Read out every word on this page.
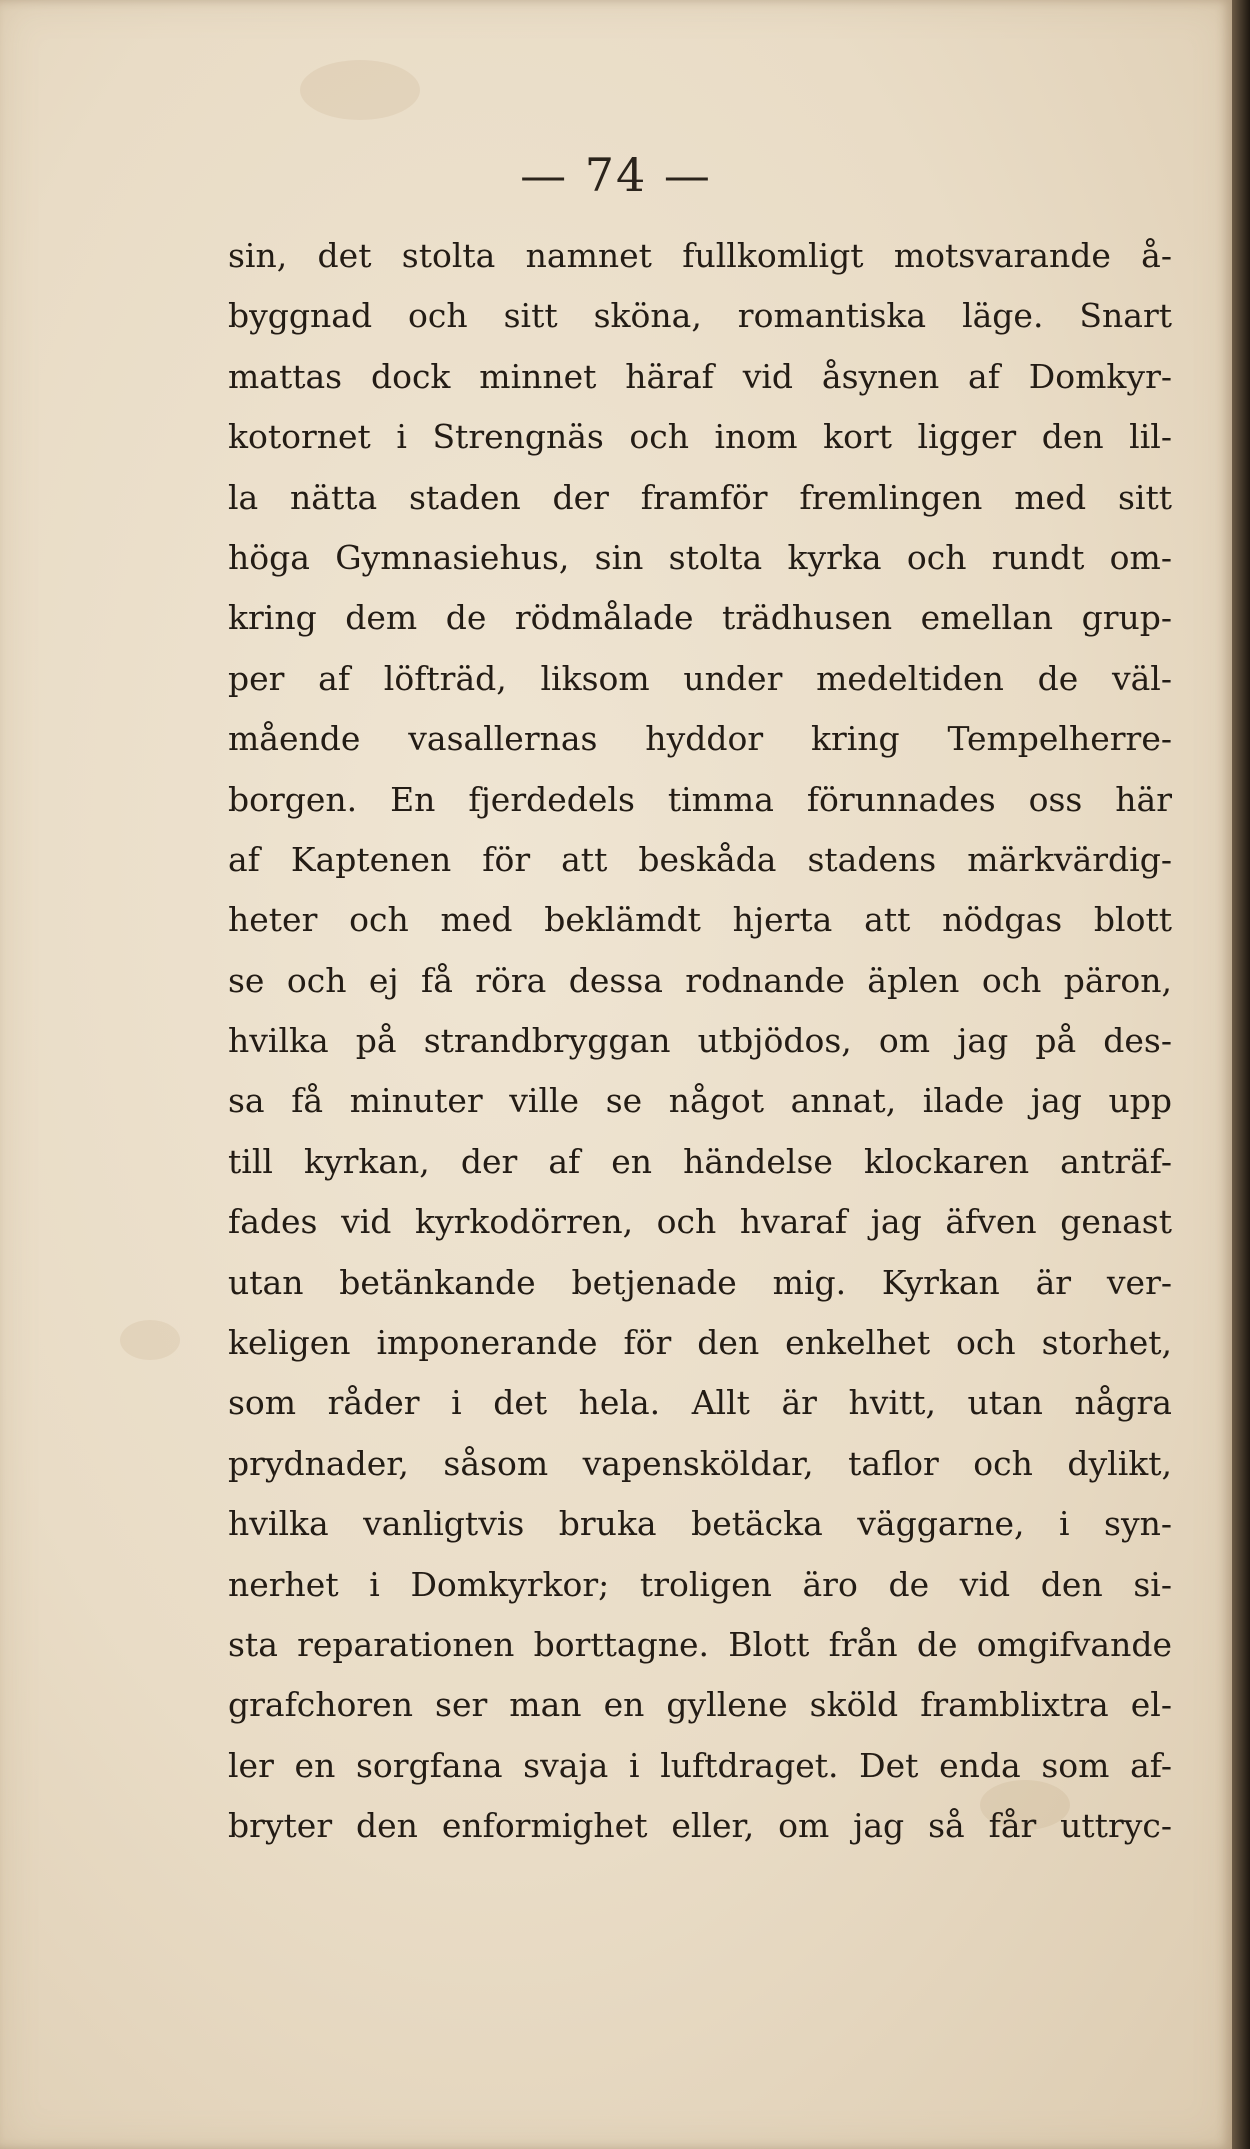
— 74 —
sin, det stolta namnet fullkomligt motsvarande å-
byggnad och sitt sköna, romantiska läge. Snart
mattas dock minnet häraf vid åsynen af Domkyr-
kotornet i Strengnäs och inom kort ligger den lil-
la nätta staden der framför fremlingen med sitt
höga Gymnasiehus, sin stolta kyrka och rundt om-
kring dem de rödmålade trädhusen emellan grup-
per af löfträd, liksom under medeltiden de väl-
mående vasallernas hyddor kring Tempelherre-
borgen. En fjerdedels timma förunnades oss här
af Kaptenen för att beskåda stadens märkvärdig-
heter och med beklämdt hjerta att nödgas blott
se och ej få röra dessa rodnande äplen och päron,
hvilka på strandbryggan utbjödos, om jag på des-
sa få minuter ville se något annat, ilade jag upp
till kyrkan, der af en händelse klockaren anträf-
fades vid kyrkodörren, och hvaraf jag äfven genast
utan betänkande betjenade mig. Kyrkan är ver-
keligen imponerande för den enkelhet och storhet,
som råder i det hela. Allt är hvitt, utan några
prydnader, såsom vapensköldar, taflor och dylikt,
hvilka vanligtvis bruka betäcka väggarne, i syn-
nerhet i Domkyrkor; troligen äro de vid den si-
sta reparationen borttagne. Blott från de omgifvande
grafchoren ser man en gyllene sköld framblixtra el-
ler en sorgfana svaja i luftdraget. Det enda som af-
bryter den enformighet eller, om jag så får uttryc-
